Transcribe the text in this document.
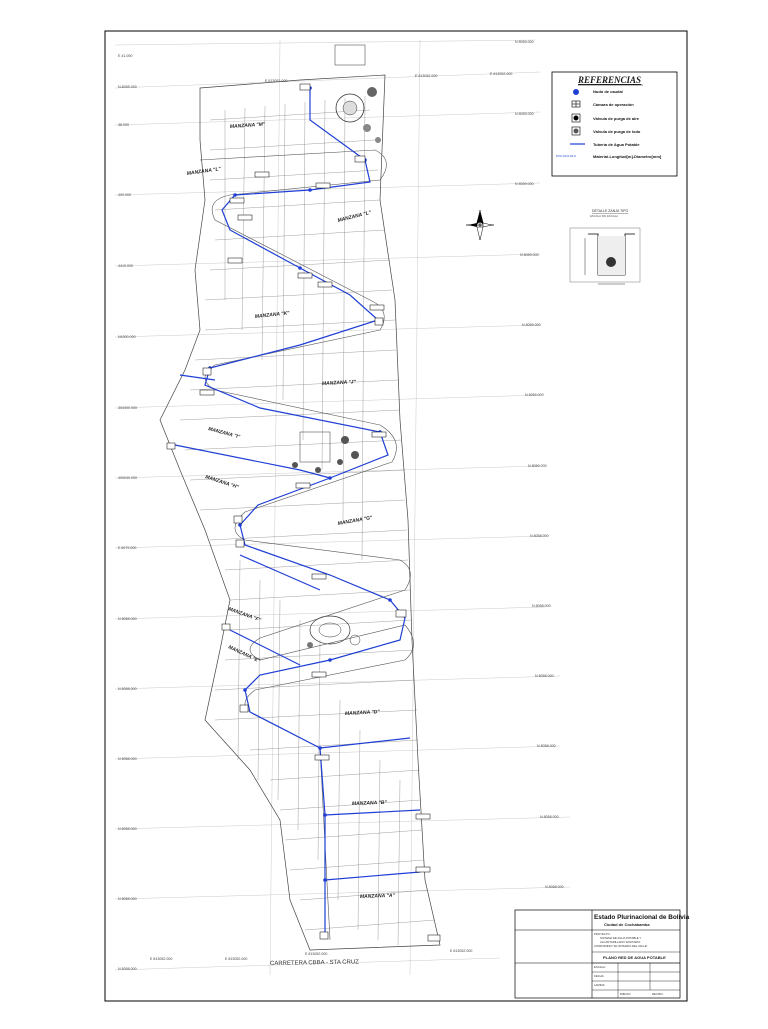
E 41.000
N-8059.000
38.000
400.000
4410.000
N4300.000
304400.000
400040.000
E 8079.000
N 8058.000
N 8058.000
N 8058.000
N 8058.000
N 8058.000
N 8058.000
N 8059.000
N 8059.000
N 8059.000
N 8059.000
N 8059.000
N 8059.000
N 8059.000
N 8058.000
N 8058.000
N 8058.000
N 8058.000
N 8058.000
N 8058.000
E 813052.000
E 813052.000	E 813052.000
E 813052.000	E 813052.000
E 813052.000
E 813052.000
CARRETERA CBBA - STA CRUZ
MANZANA "M"
MANZANA "L"
MANZANA "L"
MANZANA "K"
MANZANA "J"
MANZANA "I"
MANZANA "H"
MANZANA "G"
MANZANA "F"
MANZANA "E"
MANZANA "D"
MANZANA "B"
MANZANA "A"
REFERENCIAS
Nudo de caudal
Cámara de operación
Válvula de purga de aire
Válvula de purga de lodo
Tubería de Agua Potable
PVC-50.0-63.0	Material-Longitud[m]-Diametro[mm]
DETALLE ZANJA TIPO
ESCALA SIN ESCALA
Estado Plurinacional de Bolivia
Ciudad de Cochabamba
PROYECTO:
SISTEMA DE AGUA POTABLE Y
ALCANTARILLADO SANITARIO
CONDOMINIO "EL ROSARIO DEL VALLE"
PLANO RED DE AGUA POTABLE
ESCALA:
FECHA:
LAMINA:
DIBUJO:	REVISO:
